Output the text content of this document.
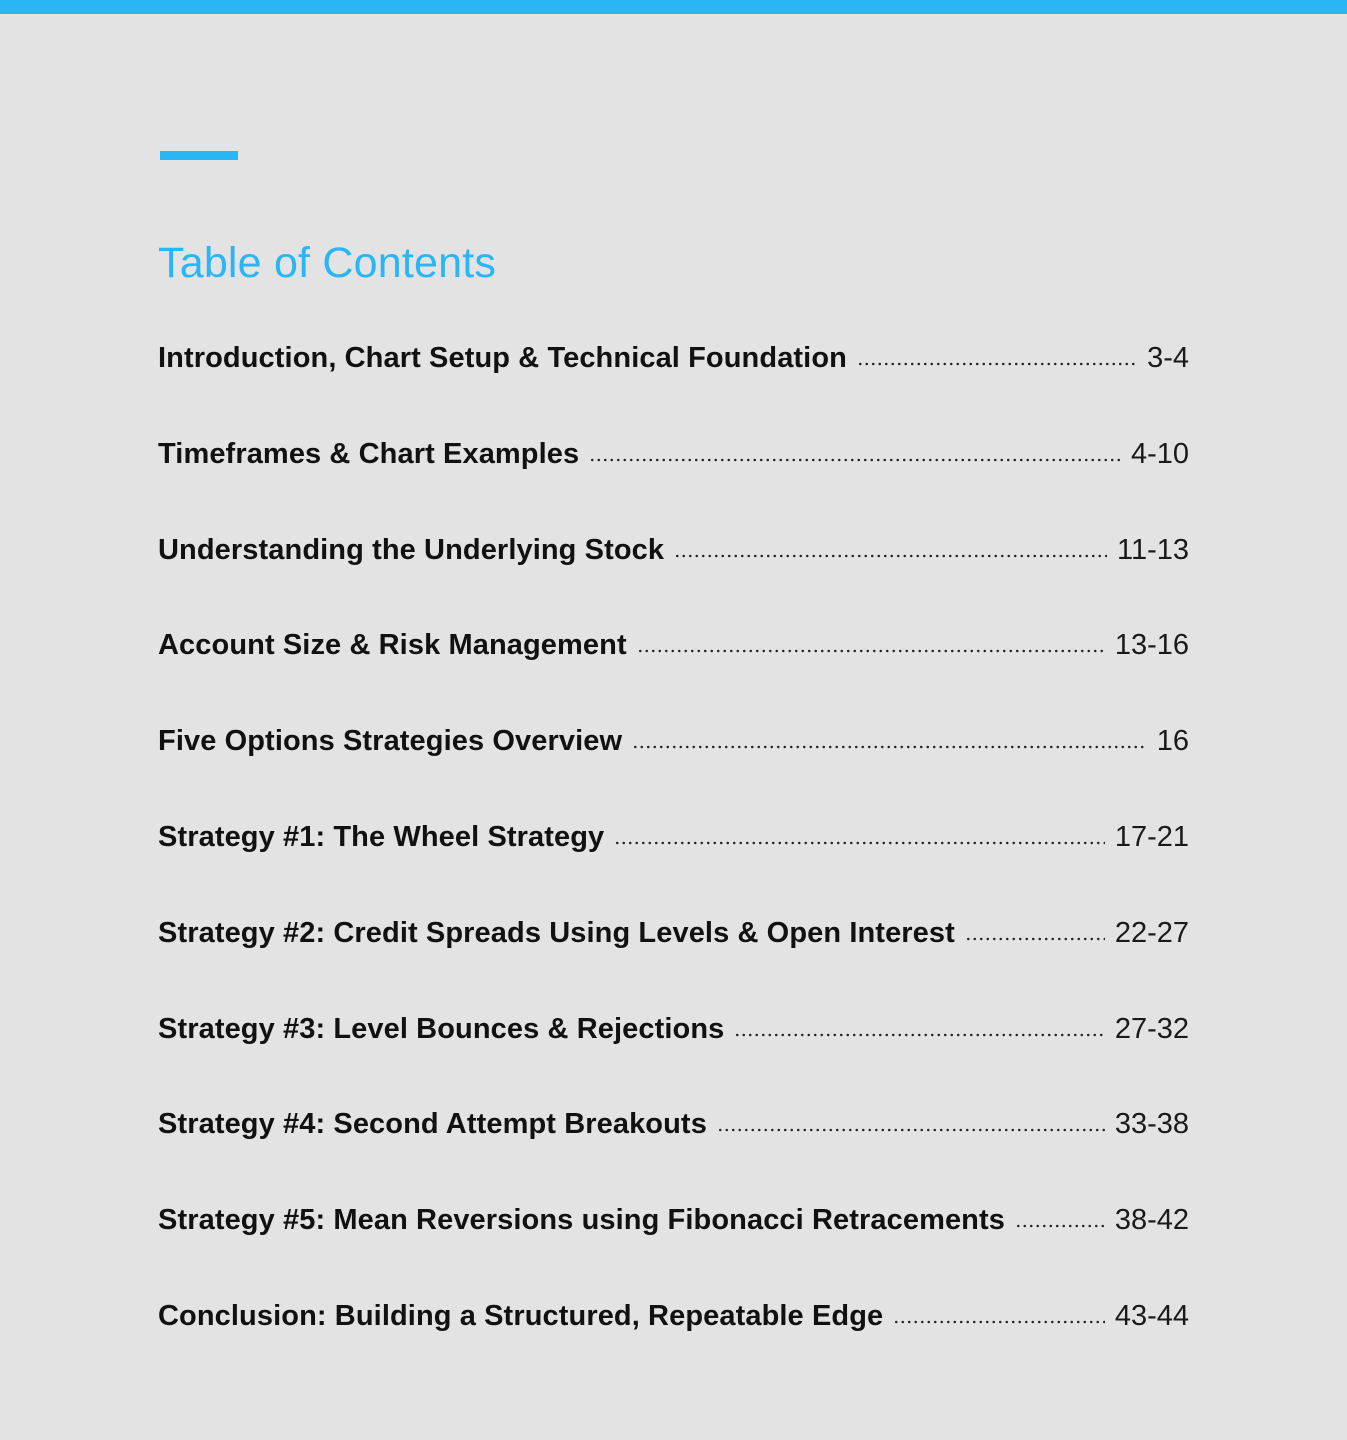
Table of Contents
Introduction, Chart Setup & Technical Foundation	3-4
Timeframes & Chart Examples	4-10
Understanding the Underlying Stock	11-13
Account Size & Risk Management	13-16
Five Options Strategies Overview	16
Strategy #1: The Wheel Strategy	17-21
Strategy #2: Credit Spreads Using Levels & Open Interest	22-27
Strategy #3: Level Bounces & Rejections	27-32
Strategy #4: Second Attempt Breakouts	33-38
Strategy #5: Mean Reversions using Fibonacci Retracements	38-42
Conclusion: Building a Structured, Repeatable Edge	43-44
